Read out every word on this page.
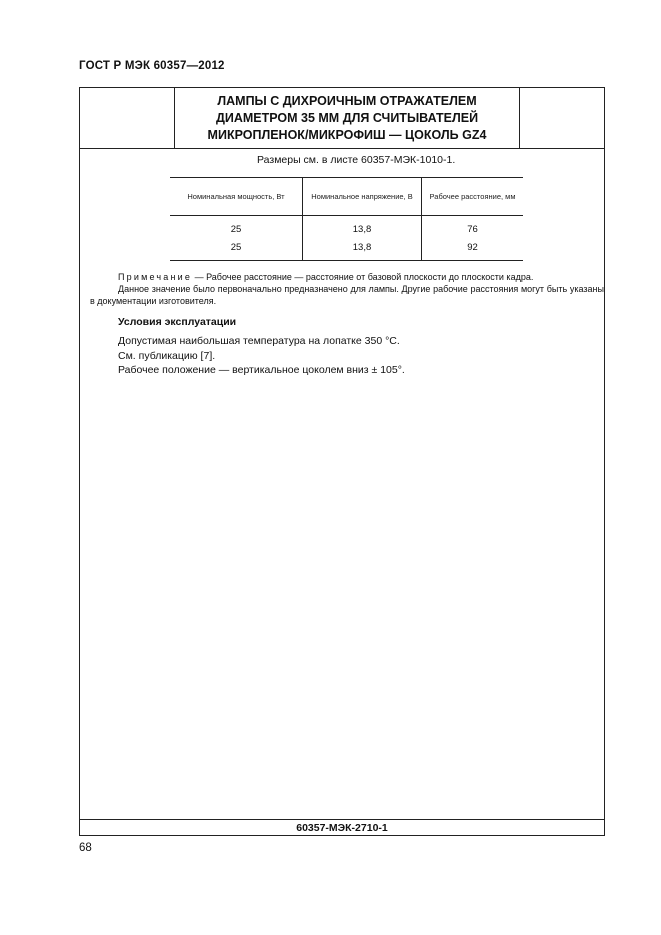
ГОСТ Р МЭК 60357—2012
ЛАМПЫ С ДИХРОИЧНЫМ ОТРАЖАТЕЛЕМ
ДИАМЕТРОМ 35 ММ ДЛЯ СЧИТЫВАТЕЛЕЙ
МИКРОПЛЕНОК/МИКРОФИШ — ЦОКОЛЬ GZ4
Размеры см. в листе 60357-МЭК-1010-1.
Номинальная мощность, Вт	Номинальное напряжение, В	Рабочее расстояние, мм
25	13,8	76
25	13,8	92
Примечание — Рабочее расстояние — расстояние от базовой плоскости до плоскости кадра.
Данное значение было первоначально предназначено для лампы. Другие рабочие расстояния могут быть указаны в документации изготовителя.
Условия эксплуатации
Допустимая наибольшая температура на лопатке 350 °С.
См. публикацию [7].
Рабочее положение — вертикальное цоколем вниз ± 105°.
60357-МЭК-2710-1
68
